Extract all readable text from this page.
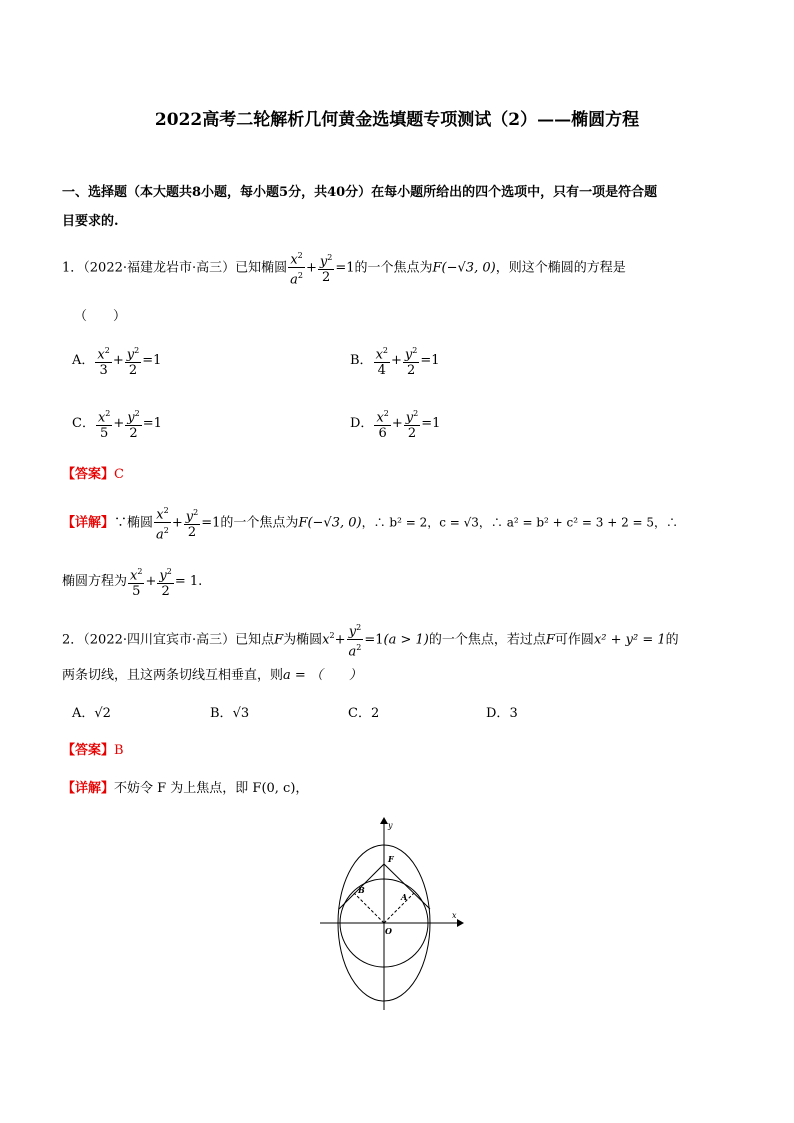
2022高考二轮解析几何黄金选填题专项测试（2）——椭圆方程
一、选择题（本大题共8小题，每小题5分，共40分）在每小题所给出的四个选项中，只有一项是符合题
目要求的.
1．（2022·福建龙岩市·高三）已知椭圆 $\frac{x^2}{a^2} + \frac{y^2}{2} =1$的一个焦点为F(−√3, 0)，则这个椭圆的方程是
（　　）
A． $\frac{x^2}{3} + \frac{y^2}{2} =1$	B． $\frac{x^2}{4} + \frac{y^2}{2} =1$
C． $\frac{x^2}{5} + \frac{y^2}{2} =1$	D． $\frac{x^2}{6} + \frac{y^2}{2} =1$
【答案】C
【详解】∵椭圆 $\frac{x^2}{a^2} + \frac{y^2}{2} =1$的一个焦点为F(−√3, 0)，∴ b² = 2，c = √3，∴ a² = b² + c² = 3 + 2 = 5，∴
椭圆方程为 $\frac{x^2}{5} + \frac{y^2}{2} = 1$.
2．（2022·四川宜宾市·高三）已知点F为椭圆$x^2+ \frac{y^2}{a^2} =1(a > 1)$的一个焦点，若过点F可作圆x² + y² = 1的
两条切线，且这两条切线互相垂直，则a = （　　）
A．√2	B．√3	C．2	D．3
【答案】B
【详解】不妨令 F 为上焦点，即 F(0, c)，
y
x
F
B
A
O
